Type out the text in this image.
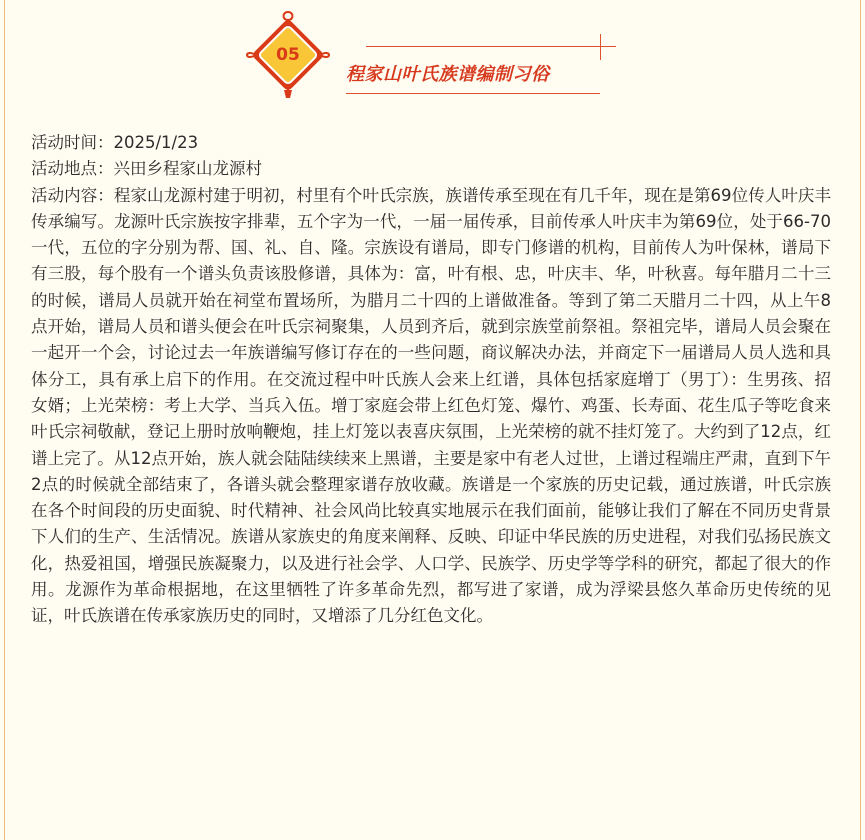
05
程家山叶氏族谱编制习俗

活动时间：2025/1/23

活动地点：兴田乡程家山龙源村

活动内容：程家山龙源村建于明初，村里有个叶氏宗族，族谱传承至现在有几千年，现在是第69位传人叶庆丰传承编写。龙源叶氏宗族按字排辈，五个字为一代，一届一届传承，目前传承人叶庆丰为第69位，处于66-70一代，五位的字分别为帮、国、礼、自、隆。宗族设有谱局，即专门修谱的机构，目前传人为叶保林，谱局下有三股，每个股有一个谱头负责该股修谱，具体为：富，叶有根、忠，叶庆丰、华，叶秋喜。每年腊月二十三的时候，谱局人员就开始在祠堂布置场所，为腊月二十四的上谱做准备。等到了第二天腊月二十四，从上午8点开始，谱局人员和谱头便会在叶氏宗祠聚集，人员到齐后，就到宗族堂前祭祖。祭祖完毕，谱局人员会聚在一起开一个会，讨论过去一年族谱编写修订存在的一些问题，商议解决办法，并商定下一届谱局人员人选和具体分工，具有承上启下的作用。在交流过程中叶氏族人会来上红谱，具体包括家庭增丁（男丁）：生男孩、招女婿；上光荣榜：考上大学、当兵入伍。增丁家庭会带上红色灯笼、爆竹、鸡蛋、长寿面、花生瓜子等吃食来叶氏宗祠敬献，登记上册时放响鞭炮，挂上灯笼以表喜庆氛围，上光荣榜的就不挂灯笼了。大约到了12点，红谱上完了。从12点开始，族人就会陆陆续续来上黑谱，主要是家中有老人过世，上谱过程端庄严肃，直到下午2点的时候就全部结束了，各谱头就会整理家谱存放收藏。族谱是一个家族的历史记载，通过族谱，叶氏宗族在各个时间段的历史面貌、时代精神、社会风尚比较真实地展示在我们面前，能够让我们了解在不同历史背景下人们的生产、生活情况。族谱从家族史的角度来阐释、反映、印证中华民族的历史进程，对我们弘扬民族文化，热爱祖国，增强民族凝聚力，以及进行社会学、人口学、民族学、历史学等学科的研究，都起了很大的作用。龙源作为革命根据地，在这里牺牲了许多革命先烈，都写进了家谱，成为浮梁县悠久革命历史传统的见证，叶氏族谱在传承家族历史的同时，又增添了几分红色文化。
